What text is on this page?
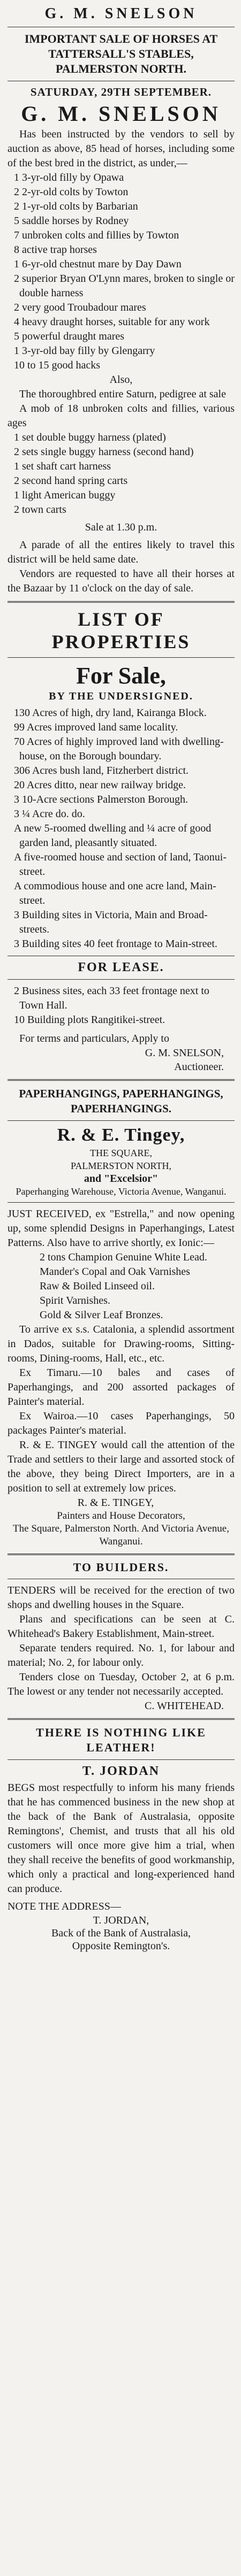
G. M. SNELSON
IMPORTANT SALE OF HORSES AT TATTERSALL'S STABLES, PALMERSTON NORTH.
SATURDAY, 29TH SEPTEMBER.
G. M. SNELSON

Has been instructed by the vendors to sell by auction as above, 85 head of horses, including some of the best bred in the district, as under,—

1 3-yr-old filly by Opawa

2 2-yr-old colts by Towton

2 1-yr-old colts by Barbarian

5 saddle horses by Rodney

7 unbroken colts and fillies by Towton

8 active trap horses

1 6-yr-old chestnut mare by Day Dawn

2 superior Bryan O'Lynn mares, broken to single or double harness

2 very good Troubadour mares

4 heavy draught horses, suitable for any work

5 powerful draught mares

1 3-yr-old bay filly by Glengarry

10 to 15 good hacks

Also,

The thoroughbred entire Saturn, pedigree at sale

A mob of 18 unbroken colts and fillies, various ages

1 set double buggy harness (plated)

2 sets single buggy harness (second hand)

1 set shaft cart harness

2 second hand spring carts

1 light American buggy

2 town carts

Sale at 1.30 p.m.

A parade of all the entires likely to travel this district will be held same date.

Vendors are requested to have all their horses at the Bazaar by 11 o'clock on the day of sale.

LIST OF PROPERTIES
For Sale,
BY THE UNDERSIGNED.

130 Acres of high, dry land, Kairanga Block.

99 Acres improved land same locality.

70 Acres of highly improved land with dwelling-house, on the Borough boundary.

306 Acres bush land, Fitzherbert district.

20 Acres ditto, near new railway bridge.

3 10-Acre sections Palmerston Borough.

3 ¼ Acre do. do.

A new 5-roomed dwelling and ¼ acre of good garden land, pleasantly situated.

A five-roomed house and section of land, Taonui-street.

A commodious house and one acre land, Main-street.

3 Building sites in Victoria, Main and Broad-streets.

3 Building sites 40 feet frontage to Main-street.

FOR LEASE.

2 Business sites, each 33 feet frontage next to Town Hall.

10 Building plots Rangitikei-street.

For terms and particulars, Apply to

G. M. SNELSON,
Auctioneer.
PAPERHANGINGS, PAPERHANGINGS, PAPERHANGINGS.
R. & E. Tingey,
THE SQUARE,
PALMERSTON NORTH,
and "Excelsior"
Paperhanging Warehouse, Victoria Avenue, Wanganui.

JUST RECEIVED, ex "Estrella," and now opening up, some splendid Designs in Paperhangings, Latest Patterns. Also have to arrive shortly, ex Ionic:—

2 tons Champion Genuine White Lead.

Mander's Copal and Oak Varnishes

Raw & Boiled Linseed oil.

Spirit Varnishes.

Gold & Silver Leaf Bronzes.

To arrive ex s.s. Catalonia, a splendid assortment in Dados, suitable for Drawing-rooms, Sitting-rooms, Dining-rooms, Hall, etc., etc.

Ex Timaru.—10 bales and cases of Paperhangings, and 200 assorted packages of Painter's material.

Ex Wairoa.—10 cases Paperhangings, 50 packages Painter's material.

R. & E. TINGEY would call the attention of the Trade and settlers to their large and assorted stock of the above, they being Direct Importers, are in a position to sell at extremely low prices.

R. & E. TINGEY,
Painters and House Decorators,
The Square, Palmerston North. And Victoria Avenue, Wanganui.
TO BUILDERS.

TENDERS will be received for the erection of two shops and dwelling houses in the Square.

Plans and specifications can be seen at C. Whitehead's Bakery Establishment, Main-street.

Separate tenders required. No. 1, for labour and material; No. 2, for labour only.

Tenders close on Tuesday, October 2, at 6 p.m. The lowest or any tender not necessarily accepted.

C. WHITEHEAD.
THERE IS NOTHING LIKE
LEATHER!
T. JORDAN

BEGS most respectfully to inform his many friends that he has commenced business in the new shop at the back of the Bank of Australasia, opposite Remingtons', Chemist, and trusts that all his old customers will once more give him a trial, when they shall receive the benefits of good workmanship, which only a practical and long-experienced hand can produce.

NOTE THE ADDRESS—

T. JORDAN,
Back of the Bank of Australasia,
Opposite Remington's.
